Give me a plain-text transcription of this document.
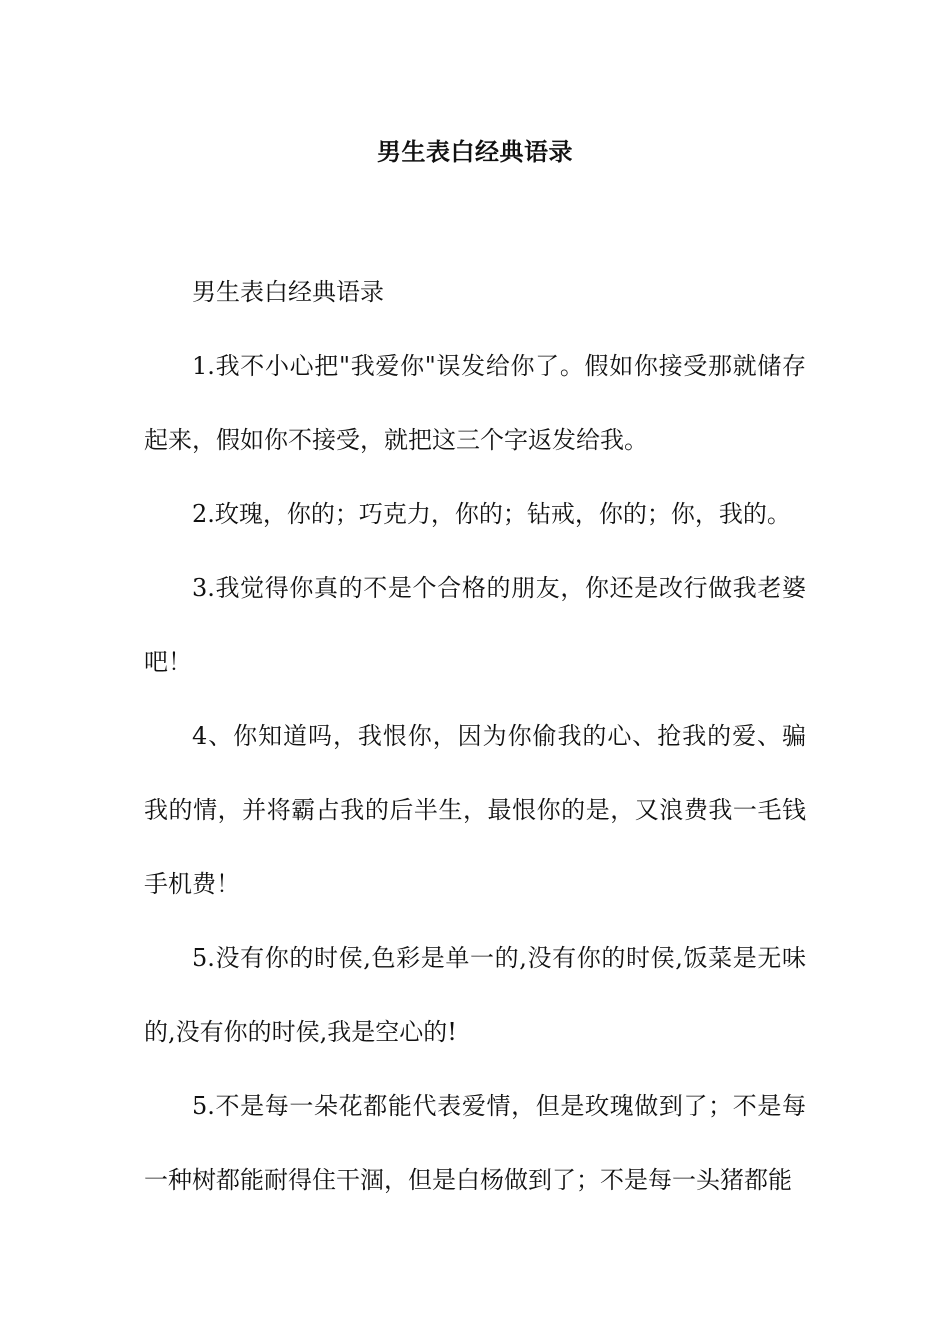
男生表白经典语录

男生表白经典语录

1.我不小心把"我爱你"误发给你了。假如你接受那就储存起来，假如你不接受，就把这三个字返发给我。

2.玫瑰，你的；巧克力，你的；钻戒，你的；你，我的。

3.我觉得你真的不是个合格的朋友，你还是改行做我老婆吧！

4、你知道吗，我恨你，因为你偷我的心、抢我的爱、骗我的情，并将霸占我的后半生，最恨你的是，又浪费我一毛钱手机费！

5.没有你的时侯,色彩是单一的,没有你的时侯,饭菜是无味的,没有你的时侯,我是空心的!

5.不是每一朵花都能代表爱情，但是玫瑰做到了；不是每一种树都能耐得住干涸，但是白杨做到了；不是每一头猪都能
